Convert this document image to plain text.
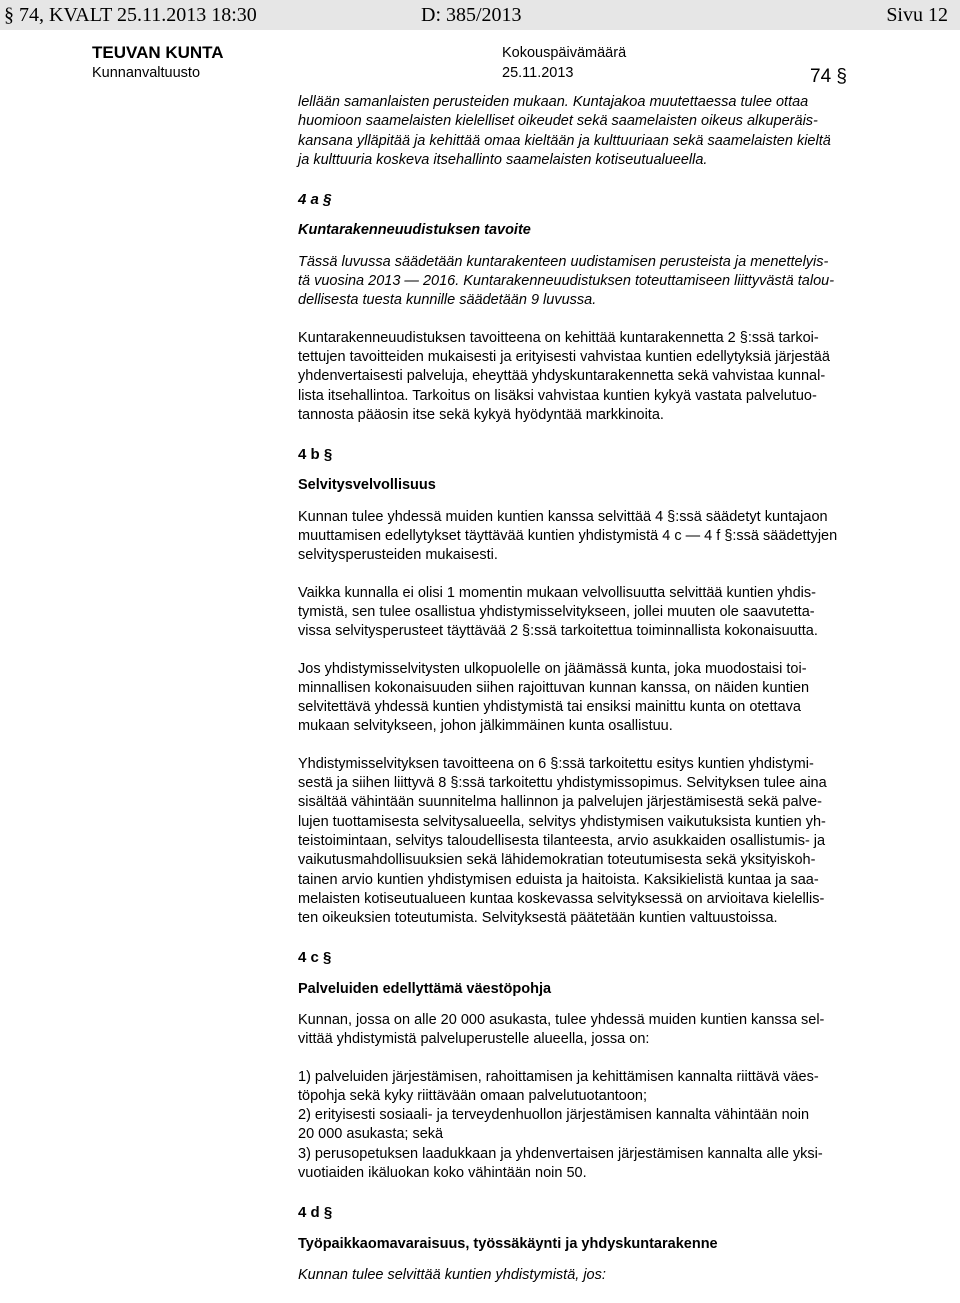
§ 74, KVALT 25.11.2013 18:30	D: 385/2013	Sivu 12
TEUVAN KUNTA	Kokouspäivämäärä
Kunnanvaltuusto	25.11.2013	74 §

lellään samanlaisten perusteiden mukaan. Kuntajakoa muutettaessa tulee ottaa
huomioon saamelaisten kielelliset oikeudet sekä saamelaisten oikeus alkuperäis-
kansana ylläpitää ja kehittää omaa kieltään ja kulttuuriaan sekä saamelaisten kieltä
ja kulttuuria koskeva itsehallinto saamelaisten kotiseutualueella.

4 a §
Kuntarakenneuudistuksen tavoite

Tässä luvussa säädetään kuntarakenteen uudistamisen perusteista ja menettelyis-
tä vuosina 2013 — 2016. Kuntarakenneuudistuksen toteuttamiseen liittyvästä talou-
dellisesta tuesta kunnille säädetään 9 luvussa.

Kuntarakenneuudistuksen tavoitteena on kehittää kuntarakennetta 2 §:ssä tarkoi-
tettujen tavoitteiden mukaisesti ja erityisesti vahvistaa kuntien edellytyksiä järjestää
yhdenvertaisesti palveluja, eheyttää yhdyskuntarakennetta sekä vahvistaa kunnal-
lista itsehallintoa. Tarkoitus on lisäksi vahvistaa kuntien kykyä vastata palvelutuo-
tannosta pääosin itse sekä kykyä hyödyntää markkinoita.

4 b §
Selvitysvelvollisuus

Kunnan tulee yhdessä muiden kuntien kanssa selvittää 4 §:ssä säädetyt kuntajaon
muuttamisen edellytykset täyttävää kuntien yhdistymistä 4 c — 4 f §:ssä säädettyjen
selvitysperusteiden mukaisesti.

Vaikka kunnalla ei olisi 1 momentin mukaan velvollisuutta selvittää kuntien yhdis-
tymistä, sen tulee osallistua yhdistymisselvitykseen, jollei muuten ole saavutetta-
vissa selvitysperusteet täyttävää 2 §:ssä tarkoitettua toiminnallista kokonaisuutta.

Jos yhdistymisselvitysten ulkopuolelle on jäämässä kunta, joka muodostaisi toi-
minnallisen kokonaisuuden siihen rajoittuvan kunnan kanssa, on näiden kuntien
selvitettävä yhdessä kuntien yhdistymistä tai ensiksi mainittu kunta on otettava
mukaan selvitykseen, johon jälkimmäinen kunta osallistuu.

Yhdistymisselvityksen tavoitteena on 6 §:ssä tarkoitettu esitys kuntien yhdistymi-
sestä ja siihen liittyvä 8 §:ssä tarkoitettu yhdistymissopimus. Selvityksen tulee aina
sisältää vähintään suunnitelma hallinnon ja palvelujen järjestämisestä sekä palve-
lujen tuottamisesta selvitysalueella, selvitys yhdistymisen vaikutuksista kuntien yh-
teistoimintaan, selvitys taloudellisesta tilanteesta, arvio asukkaiden osallistumis- ja
vaikutusmahdollisuuksien sekä lähidemokratian toteutumisesta sekä yksityiskoh-
tainen arvio kuntien yhdistymisen eduista ja haitoista. Kaksikielistä kuntaa ja saa-
melaisten kotiseutualueen kuntaa koskevassa selvityksessä on arvioitava kielellis-
ten oikeuksien toteutumista. Selvityksestä päätetään kuntien valtuustoissa.

4 c §
Palveluiden edellyttämä väestöpohja

Kunnan, jossa on alle 20 000 asukasta, tulee yhdessä muiden kuntien kanssa sel-
vittää yhdistymistä palveluperustelle alueella, jossa on:

1) palveluiden järjestämisen, rahoittamisen ja kehittämisen kannalta riittävä väes-
töpohja sekä kyky riittävään omaan palvelutuotantoon;

2) erityisesti sosiaali- ja terveydenhuollon järjestämisen kannalta vähintään noin
20 000 asukasta; sekä

3) perusopetuksen laadukkaan ja yhdenvertaisen järjestämisen kannalta alle yksi-
vuotiaiden ikäluokan koko vähintään noin 50.

4 d §
Työpaikkaomavaraisuus, työssäkäynti ja yhdyskuntarakenne

Kunnan tulee selvittää kuntien yhdistymistä, jos:
